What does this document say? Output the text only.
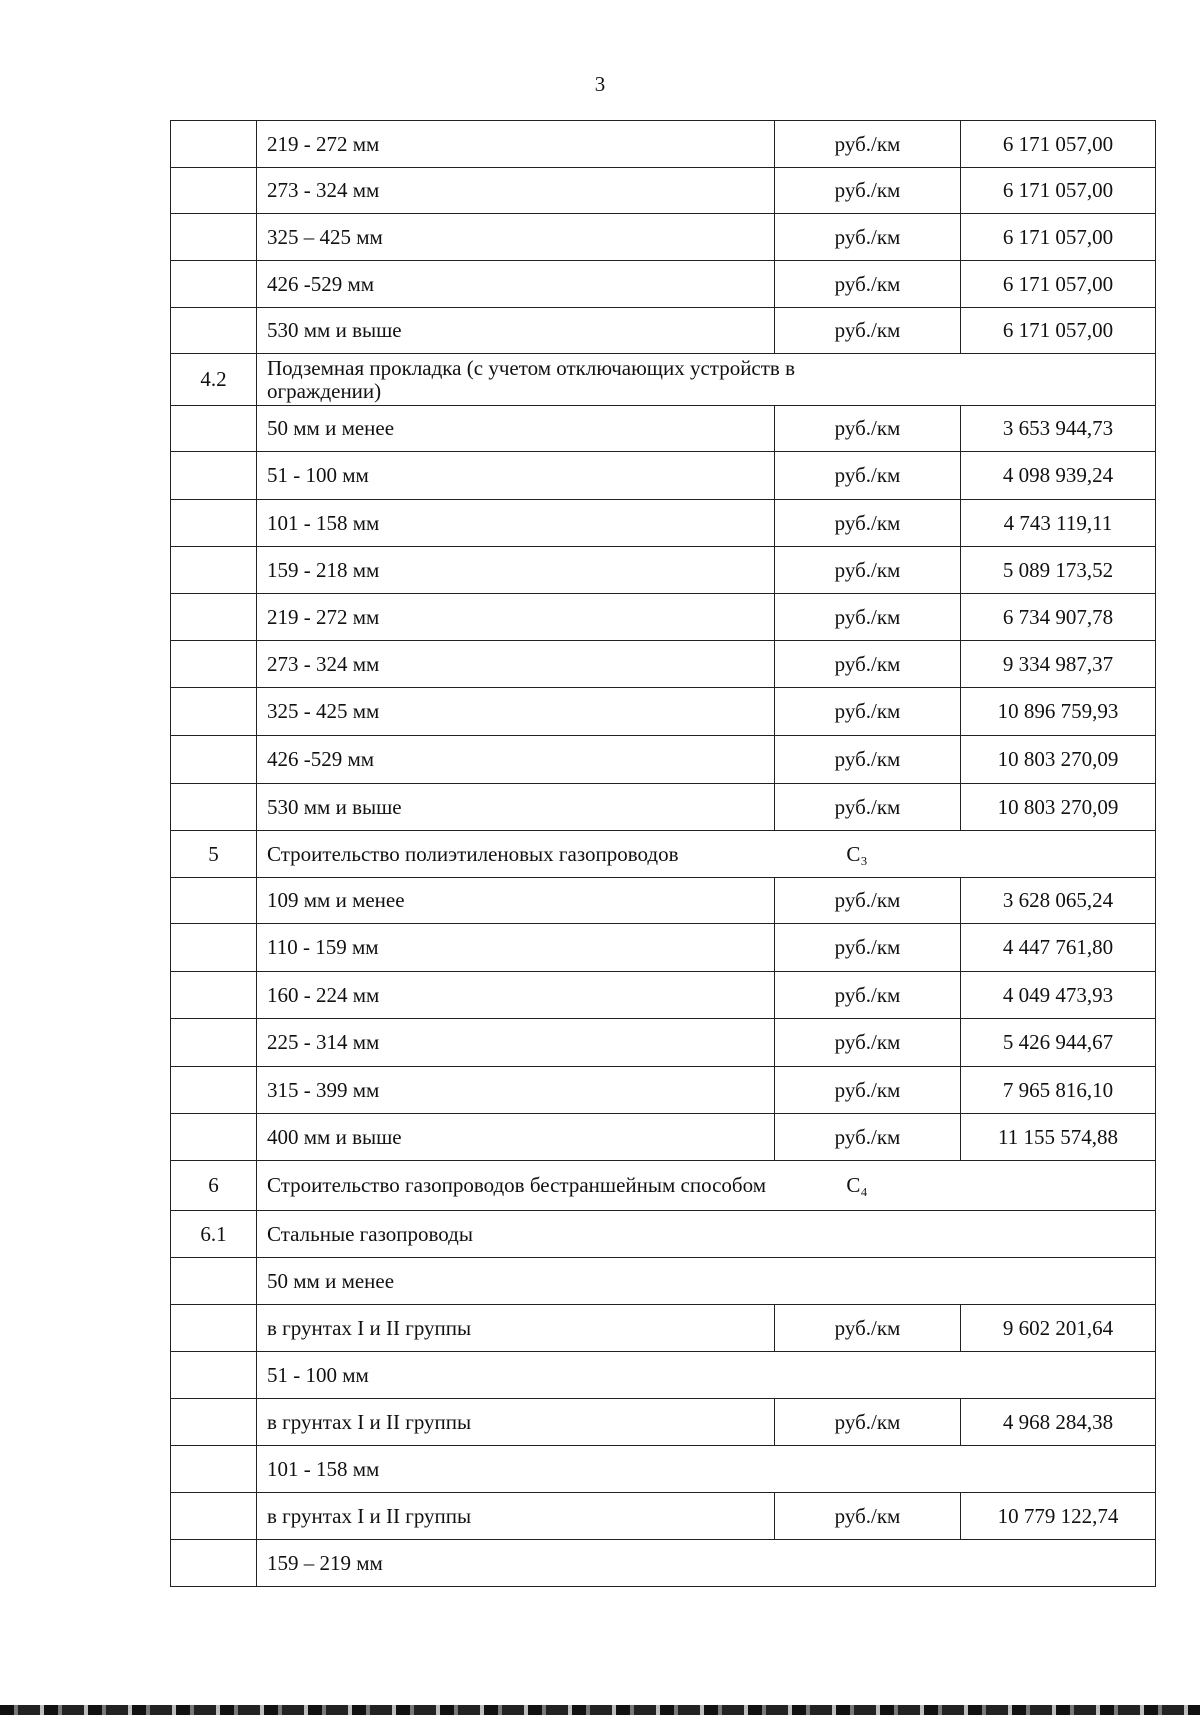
3
	219 - 272 мм	руб./км	6 171 057,00
	273 - 324 мм	руб./км	6 171 057,00
	325 – 425 мм	руб./км	6 171 057,00
	426 -529 мм	руб./км	6 171 057,00
	530 мм и выше	руб./км	6 171 057,00
4.2	Подземная прокладка (с учетом отключающих устройств в ограждении)		

	50 мм и менее	руб./км	3 653 944,73
	51 - 100 мм	руб./км	4 098 939,24
	101 - 158 мм	руб./км	4 743 119,11
	159 - 218 мм	руб./км	5 089 173,52
	219 - 272 мм	руб./км	6 734 907,78
	273 - 324 мм	руб./км	9 334 987,37
	325 - 425 мм	руб./км	10 896 759,93
	426 -529 мм	руб./км	10 803 270,09
	530 мм и выше	руб./км	10 803 270,09
5	Строительство полиэтиленовых газопроводов С₃		

	109 мм и менее	руб./км	3 628 065,24
	110 - 159 мм	руб./км	4 447 761,80
	160 - 224 мм	руб./км	4 049 473,93
	225 - 314 мм	руб./км	5 426 944,67
	315 - 399 мм	руб./км	7 965 816,10
	400 мм и выше	руб./км	11 155 574,88
6	Строительство газопроводов бестраншейным способом С₄		

6.1	Стальные газопроводы		

	50 мм и менее		

	в грунтах I и II группы	руб./км	9 602 201,64

	51 - 100 мм		

	в грунтах I и II группы	руб./км	4 968 284,38

	101 - 158 мм		

	в грунтах I и II группы	руб./км	10 779 122,74

	159 – 219 мм		
